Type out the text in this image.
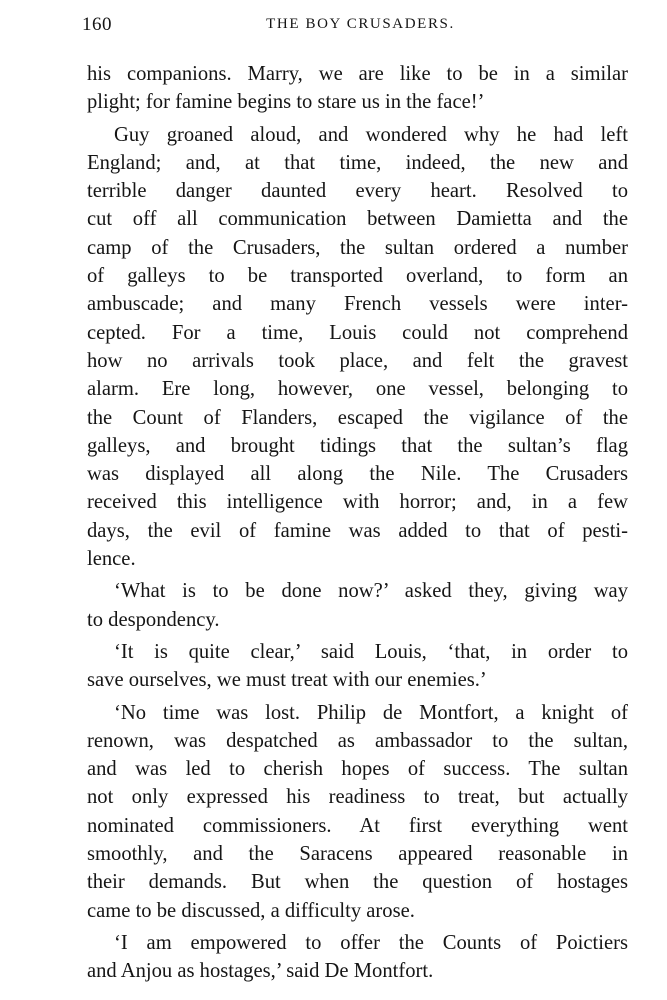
160	THE BOY CRUSADERS.
his companions. Marry, we are like to be in a similar
plight; for famine begins to stare us in the face!’
Guy groaned aloud, and wondered why he had left
England; and, at that time, indeed, the new and
terrible danger daunted every heart. Resolved to
cut off all communication between Damietta and the
camp of the Crusaders, the sultan ordered a number
of galleys to be transported overland, to form an
ambuscade; and many French vessels were inter-
cepted. For a time, Louis could not comprehend
how no arrivals took place, and felt the gravest
alarm. Ere long, however, one vessel, belonging to
the Count of Flanders, escaped the vigilance of the
galleys, and brought tidings that the sultan’s flag
was displayed all along the Nile. The Crusaders
received this intelligence with horror; and, in a few
days, the evil of famine was added to that of pesti-
lence.
‘What is to be done now?’ asked they, giving way
to despondency.
‘It is quite clear,’ said Louis, ‘that, in order to
save ourselves, we must treat with our enemies.’
‘No time was lost. Philip de Montfort, a knight of
renown, was despatched as ambassador to the sultan,
and was led to cherish hopes of success. The sultan
not only expressed his readiness to treat, but actually
nominated commissioners. At first everything went
smoothly, and the Saracens appeared reasonable in
their demands. But when the question of hostages
came to be discussed, a difficulty arose.
‘I am empowered to offer the Counts of Poictiers
and Anjou as hostages,’ said De Montfort.
